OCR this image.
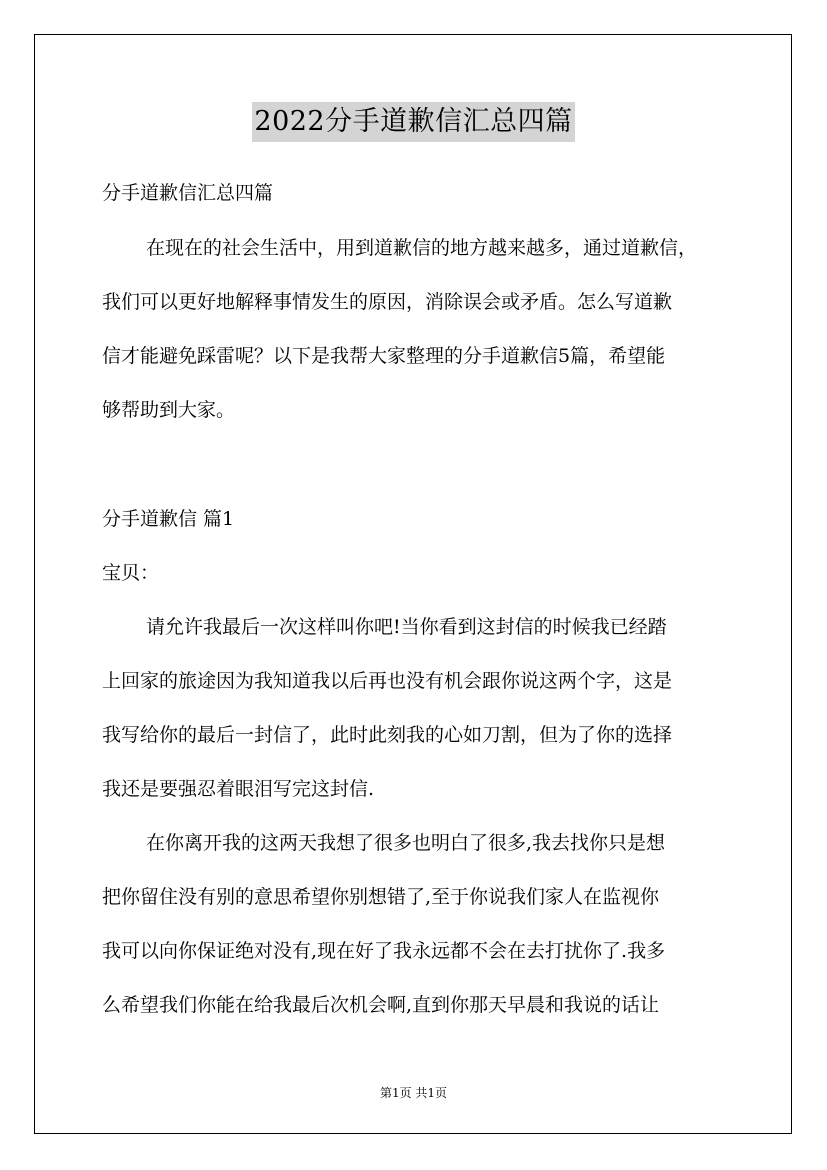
2022分手道歉信汇总四篇
分手道歉信汇总四篇
在现在的社会生活中，用到道歉信的地方越来越多，通过道歉信，
我们可以更好地解释事情发生的原因，消除误会或矛盾。怎么写道歉
信才能避免踩雷呢？以下是我帮大家整理的分手道歉信5篇，希望能
够帮助到大家。
分手道歉信 篇1
宝贝：
请允许我最后一次这样叫你吧!当你看到这封信的时候我已经踏
上回家的旅途因为我知道我以后再也没有机会跟你说这两个字，这是
我写给你的最后一封信了，此时此刻我的心如刀割，但为了你的选择
我还是要强忍着眼泪写完这封信.
在你离开我的这两天我想了很多也明白了很多,我去找你只是想
把你留住没有别的意思希望你别想错了,至于你说我们家人在监视你
我可以向你保证绝对没有,现在好了我永远都不会在去打扰你了.我多
么希望我们你能在给我最后次机会啊,直到你那天早晨和我说的话让
第1页 共1页
